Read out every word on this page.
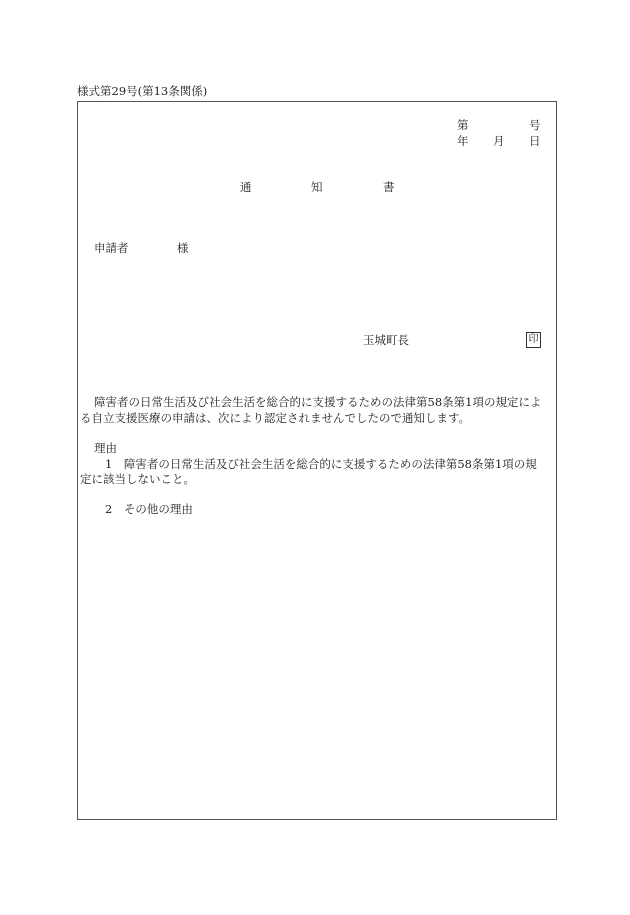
様式第29号(第13条関係)
第	号
年 月 日
通	知	書
申請者	様
玉城町長	印
障害者の日常生活及び社会生活を総合的に支援するための法律第58条第1項の規定によ
る自立支援医療の申請は、次により認定されませんでしたので通知します。
理由
1　障害者の日常生活及び社会生活を総合的に支援するための法律第58条第1項の規
定に該当しないこと。
2　その他の理由
